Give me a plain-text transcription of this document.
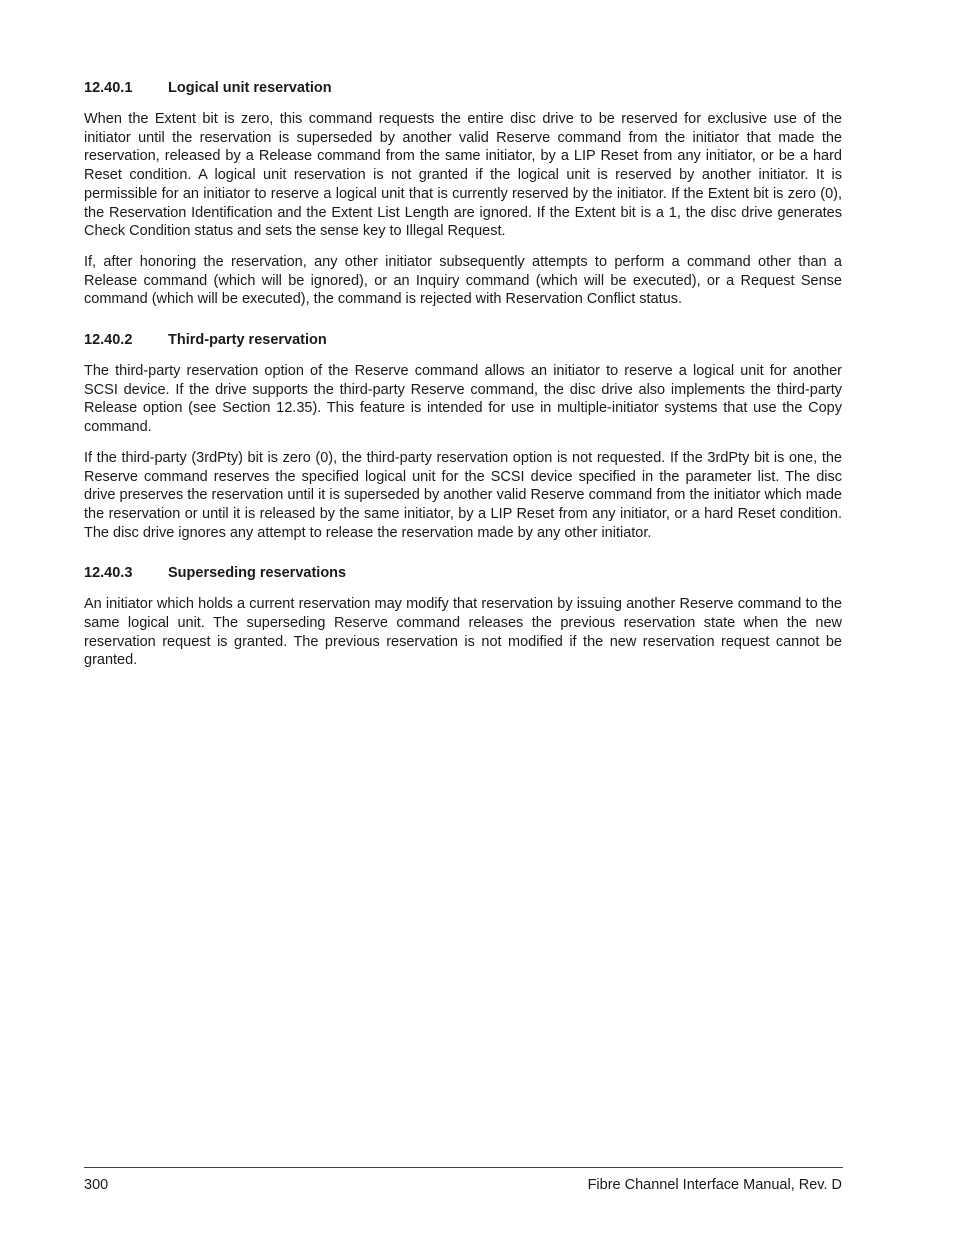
12.40.1	Logical unit reservation

When the Extent bit is zero, this command requests the entire disc drive to be reserved for exclusive use of the initiator until the reservation is superseded by another valid Reserve command from the initiator that made the reservation, released by a Release command from the same initiator, by a LIP Reset from any initiator, or be a hard Reset condition. A logical unit reservation is not granted if the logical unit is reserved by another initiator. It is permissible for an initiator to reserve a logical unit that is currently reserved by the initiator. If the Extent bit is zero (0), the Reservation Identification and the Extent List Length are ignored. If the Extent bit is a 1, the disc drive generates Check Condition status and sets the sense key to Illegal Request.

If, after honoring the reservation, any other initiator subsequently attempts to perform a command other than a Release command (which will be ignored), or an Inquiry command (which will be executed), or a Request Sense command (which will be executed), the command is rejected with Reservation Conflict status.

12.40.2	Third-party reservation

The third-party reservation option of the Reserve command allows an initiator to reserve a logical unit for another SCSI device. If the drive supports the third-party Reserve command, the disc drive also implements the third-party Release option (see Section 12.35). This feature is intended for use in multiple-initiator systems that use the Copy command.

If the third-party (3rdPty) bit is zero (0), the third-party reservation option is not requested. If the 3rdPty bit is one, the Reserve command reserves the specified logical unit for the SCSI device specified in the parameter list. The disc drive preserves the reservation until it is superseded by another valid Reserve command from the initiator which made the reservation or until it is released by the same initiator, by a LIP Reset from any initiator, or a hard Reset condition. The disc drive ignores any attempt to release the reservation made by any other initiator.

12.40.3	Superseding reservations

An initiator which holds a current reservation may modify that reservation by issuing another Reserve command to the same logical unit. The superseding Reserve command releases the previous reservation state when the new reservation request is granted. The previous reservation is not modified if the new reservation request cannot be granted.

300	Fibre Channel Interface Manual, Rev. D
